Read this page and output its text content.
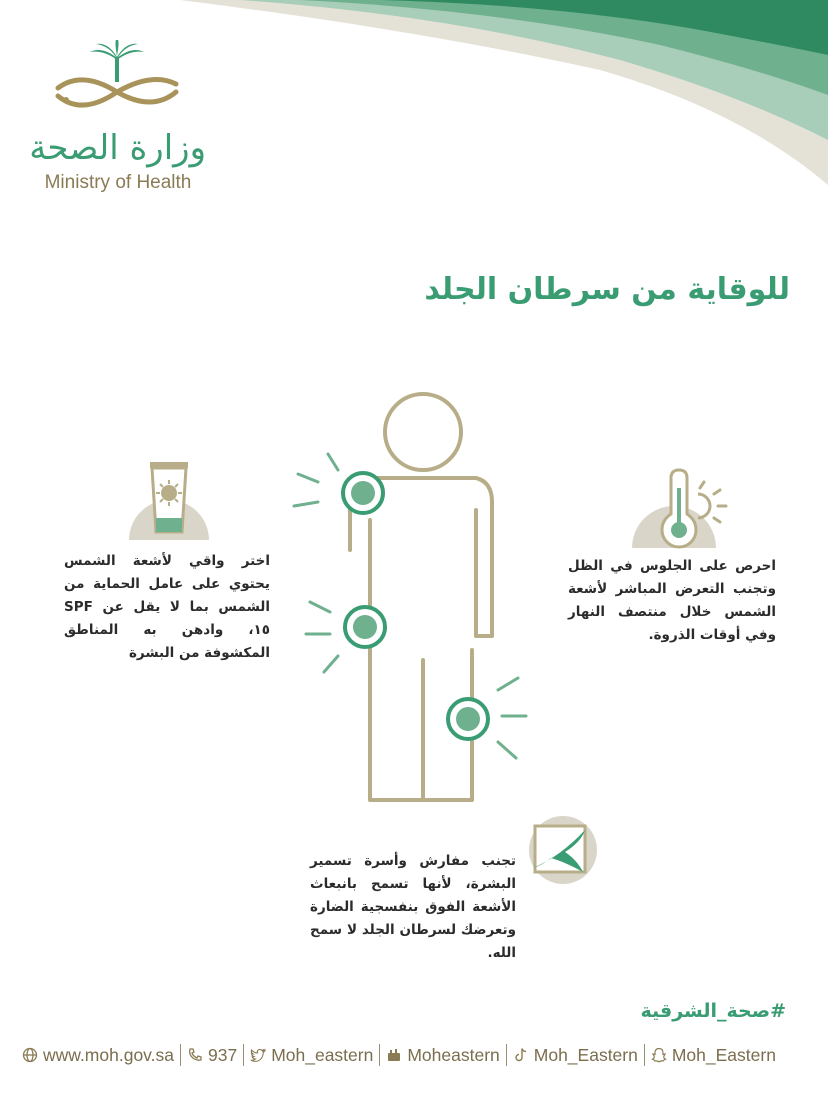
وزارة الصحة
Ministry of Health
للوقاية من سرطان الجلد
اختر واقي لأشعة الشمس يحتوي على عامل الحماية من الشمس بما لا يقل عن SPF ١٥، وادهن به المناطق المكشوفة من البشرة
احرص على الجلوس في الظل وتجنب التعرض المباشر لأشعة الشمس خلال منتصف النهار وفي أوقات الذروة.
تجنب مفارش وأسرة تسمير البشرة، لأنها تسمح بانبعاث الأشعة الفوق بنفسجية الضارة وتعرضك لسرطان الجلد لا سمح الله.
#صحة_الشرقية
www.moh.gov.sa 937 Moh_eastern Moheastern Moh_Eastern Moh_Eastern
